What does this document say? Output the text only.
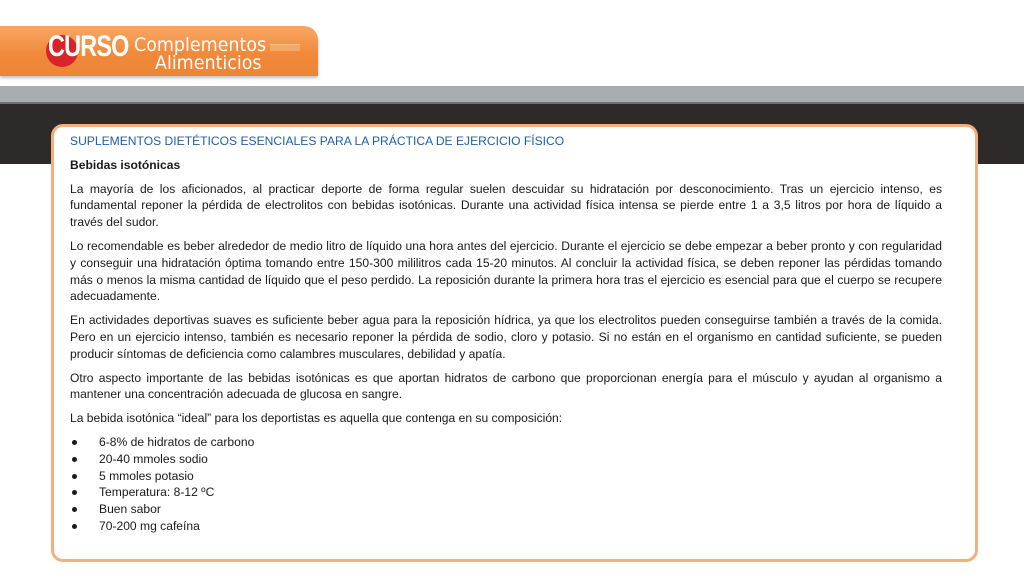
CURSO Complementos
Alimenticios

SUPLEMENTOS DIETÉTICOS ESENCIALES PARA LA PRÁCTICA DE EJERCICIO FÍSICO

Bebidas isotónicas

La mayoría de los aficionados, al practicar deporte de forma regular suelen descuidar su hidratación por desconocimiento. Tras un ejercicio intenso, es fundamental reponer la pérdida de electrolitos con bebidas isotónicas. Durante una actividad física intensa se pierde entre 1 a 3,5 litros por hora de líquido a través del sudor.

Lo recomendable es beber alrededor de medio litro de líquido una hora antes del ejercicio. Durante el ejercicio se debe empezar a beber pronto y con regularidad y conseguir una hidratación óptima tomando entre 150-300 mililitros cada 15-20 minutos. Al concluir la actividad física, se deben reponer las pérdidas tomando más o menos la misma cantidad de líquido que el peso perdido. La reposición durante la primera hora tras el ejercicio es esencial para que el cuerpo se recupere adecuadamente.

En actividades deportivas suaves es suficiente beber agua para la reposición hídrica, ya que los electrolitos pueden conseguirse también a través de la comida. Pero en un ejercicio intenso, también es necesario reponer la pérdida de sodio, cloro y potasio. Si no están en el organismo en cantidad suficiente, se pueden producir síntomas de deficiencia como calambres musculares, debilidad y apatía.

Otro aspecto importante de las bebidas isotónicas es que aportan hidratos de carbono que proporcionan energía para el músculo y ayudan al organismo a mantener una concentración adecuada de glucosa en sangre.

La bebida isotónica “ideal” para los deportistas es aquella que contenga en su composición:

6-8% de hidratos de carbono
20-40 mmoles sodio
5 mmoles potasio
Temperatura: 8-12 ºC
Buen sabor
70-200 mg cafeína
